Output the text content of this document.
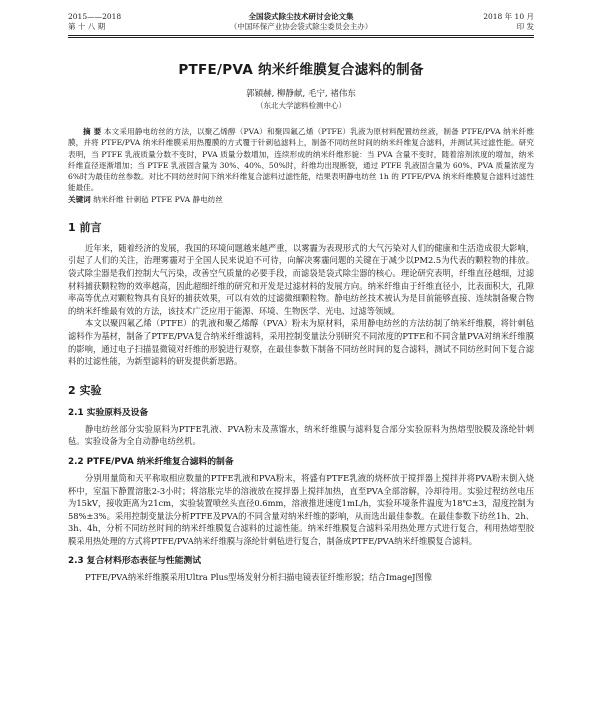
2015——2018
第 十 八 期
全国袋式除尘技术研讨会论文集
（中国环保产业协会袋式除尘委员会主办）
2018 年 10 月
印 发
PTFE/PVA 纳米纤维膜复合滤料的制备
郭穎赫, 柳静献, 毛宁, 褚伟东
（东北大学滤料检测中心）
摘 要 本文采用静电纺丝的方法，以聚乙烯醇（PVA）和聚四氟乙烯（PTFE）乳液为原材料配置纺丝液，制备 PTFE/PVA 纳米纤维膜，并将 PTFE/PVA 纳米纤维膜采用热覆膜的方式覆于针刺毡滤料上，制备不同纺丝时间的纳米纤维复合滤料，并测试其过滤性能。研究表明，当 PTFE 乳液质量分数不变时，PVA 质量分数增加，连续形成的纳米纤维形貌：当 PVA 含量不变时，随着溶剂浓度的增加，纳米纤维直径逐渐增加；当 PTFE 乳液固含量为 30%、40%、50%时，纤维均出现断裂，通过 PTFE 乳液固含量为 60%、PVA 质量浓度为 6%时为最佳纺丝参数。对比不同纺丝时间下纳米纤维复合滤料过滤性能，结果表明静电纺丝 1h 的 PTFE/PVA 纳米纤维膜复合滤料过滤性能最佳。
关键词 纳米纤维 针刺毡 PTFE PVA 静电纺丝
1 前言

近年来，随着经济的发展，我国的环境问题越来越严重，以雾霾为表现形式的大气污染对人们的健康和生活造成很大影响，引起了人们的关注，治理雾霾对于全国人民来说迫不可待，向解决雾霾问题的关键在于减少以PM2.5为代表的颗粒物的排放。袋式除尘器是我们控制大气污染，改善空气质量的必要手段，而滤袋是袋式除尘器的核心。理论研究表明，纤维直径越细，过滤材料捕获颗粒物的效率越高，因此超细纤维的研究和开发是过滤材料的发展方向。纳米纤维由于纤维直径小，比表面积大，孔隙率高等优点对颗粒物具有良好的捕获效果，可以有效的过滤微细颗粒物。静电纺丝技术被认为是目前能够直接、连续制备聚合物的纳米纤维最有效的方法，该技术广泛应用于能源、环境、生物医学、光电、过滤等领域。

本文以聚四氟乙烯（PTFE）的乳液和聚乙烯醇（PVA）粉末为原材料，采用静电纺丝的方法纺制了纳米纤维膜，将针刺毡滤料作为基材，制备了PTFE/PVA复合纳米纤维滤料，采用控制变量法分别研究不同浓度的PTFE和不同含量PVA对纳米纤维膜的影响，通过电子扫描显微镜对纤维的形貌进行观察，在最佳参数下制备不同纺丝时间的复合滤料，测试不同纺丝时间下复合滤料的过滤性能，为新型滤料的研发提供新思路。

2 实验
2.1 实验原料及设备

静电纺丝部分实验原料为PTFE乳液、PVA粉末及蒸馏水，纳米纤维膜与滤料复合部分实验原料为热熔型胶膜及涤纶针刺毡。实验设备为全自动静电纺丝机。

2.2 PTFE/PVA 纳米纤维复合滤料的制备

分别用量筒和天平称取相应数量的PTFE乳液和PVA粉末，将盛有PTFE乳液的烧杯放于搅拌器上搅拌并将PVA粉末倒入烧杯中，室温下静置溶胀2-3小时；将溶胀完毕的溶液放在搅拌器上搅拌加热，直至PVA全部溶解，冷却待用。实验过程纺丝电压为15kV，接收距离为21cm，实验装置喷丝头直径0.6mm，溶液推进速度1mL/h，实验环境条件温度为18℃±3，湿度控制为58%±3%。采用控制变量法分析PTFE及PVA的不同含量对纳米纤维的影响，从而选出最佳参数。在最佳参数下纺丝1h、2h、3h、4h，分析不同纺丝时间的纳米纤维膜复合滤料的过滤性能。纳米纤维膜复合滤料采用热处理方式进行复合，利用热熔型胶膜采用热处理的方式将PTFE/PVA纳米纤维膜与涤纶针刺毡进行复合，制备成PTFE/PVA纳米纤维膜复合滤料。

2.3 复合材料形态表征与性能测试

PTFE/PVA纳米纤维膜采用Ultra Plus型场发射分析扫描电镜表征纤维形貌；结合ImageJ图像
